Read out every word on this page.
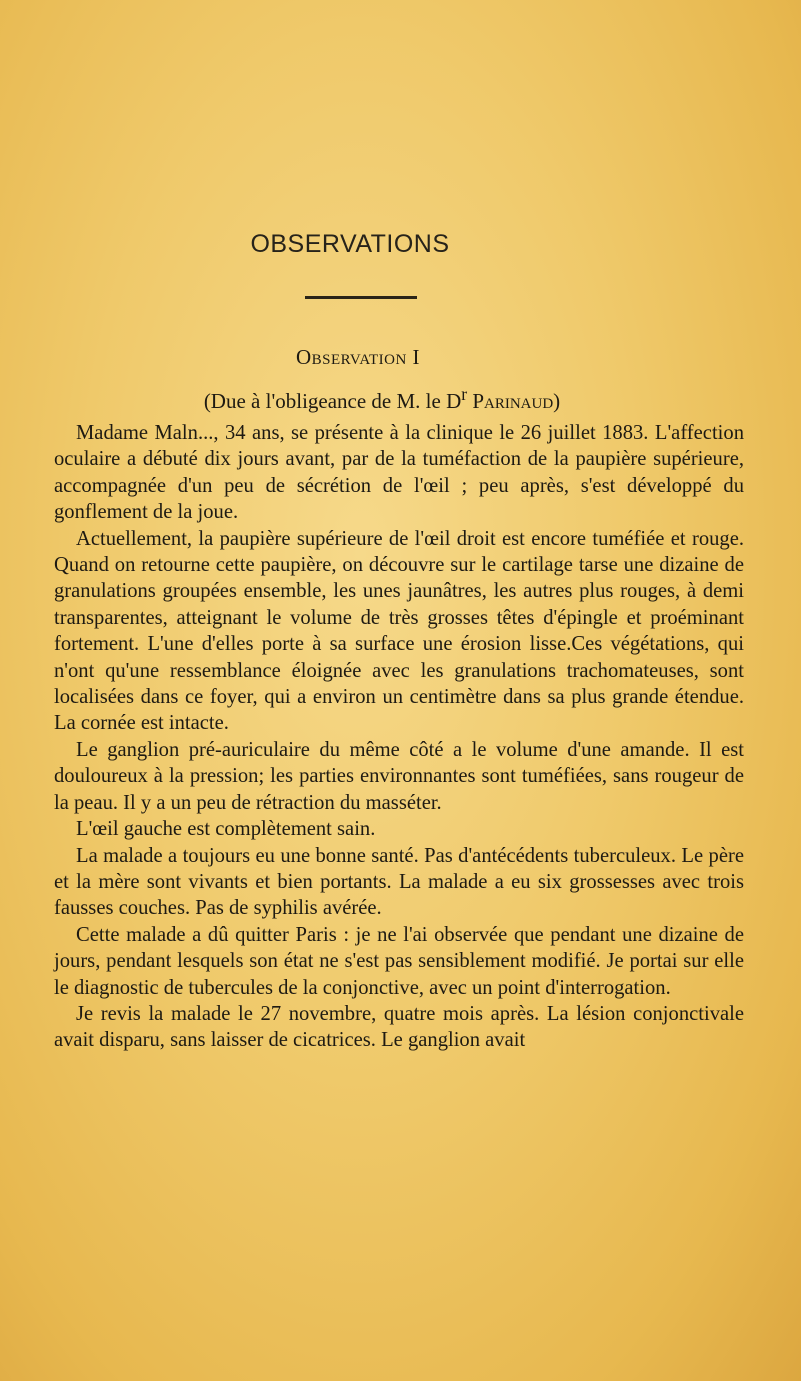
OBSERVATIONS
Observation I
(Due à l'obligeance de M. le $D^r$ Parinaud)

Madame Maln..., 34 ans, se présente à la clinique le 26 juillet 1883. L'affection oculaire a débuté dix jours avant, par de la tuméfaction de la paupière supérieure, accompagnée d'un peu de sécrétion de l'œil ; peu après, s'est développé du gonflement de la joue.

Actuellement, la paupière supérieure de l'œil droit est encore tuméfiée et rouge. Quand on retourne cette paupière, on découvre sur le cartilage tarse une dizaine de granulations groupées ensemble, les unes jaunâtres, les autres plus rouges, à demi transparentes, atteignant le volume de très grosses têtes d'épingle et proéminant fortement. L'une d'elles porte à sa surface une érosion lisse.Ces végétations, qui n'ont qu'une ressemblance éloignée avec les granulations trachomateuses, sont localisées dans ce foyer, qui a environ un centimètre dans sa plus grande étendue. La cornée est intacte.

Le ganglion pré-auriculaire du même côté a le volume d'une amande. Il est douloureux à la pression; les parties environnantes sont tuméfiées, sans rougeur de la peau. Il y a un peu de rétraction du masséter.

L'œil gauche est complètement sain.

La malade a toujours eu une bonne santé. Pas d'antécédents tuberculeux. Le père et la mère sont vivants et bien portants. La malade a eu six grossesses avec trois fausses couches. Pas de syphilis avérée.

Cette malade a dû quitter Paris : je ne l'ai observée que pendant une dizaine de jours, pendant lesquels son état ne s'est pas sensiblement modifié. Je portai sur elle le diagnostic de tubercules de la conjonctive, avec un point d'interrogation.

Je revis la malade le 27 novembre, quatre mois après. La lésion conjonctivale avait disparu, sans laisser de cicatrices. Le ganglion avait
